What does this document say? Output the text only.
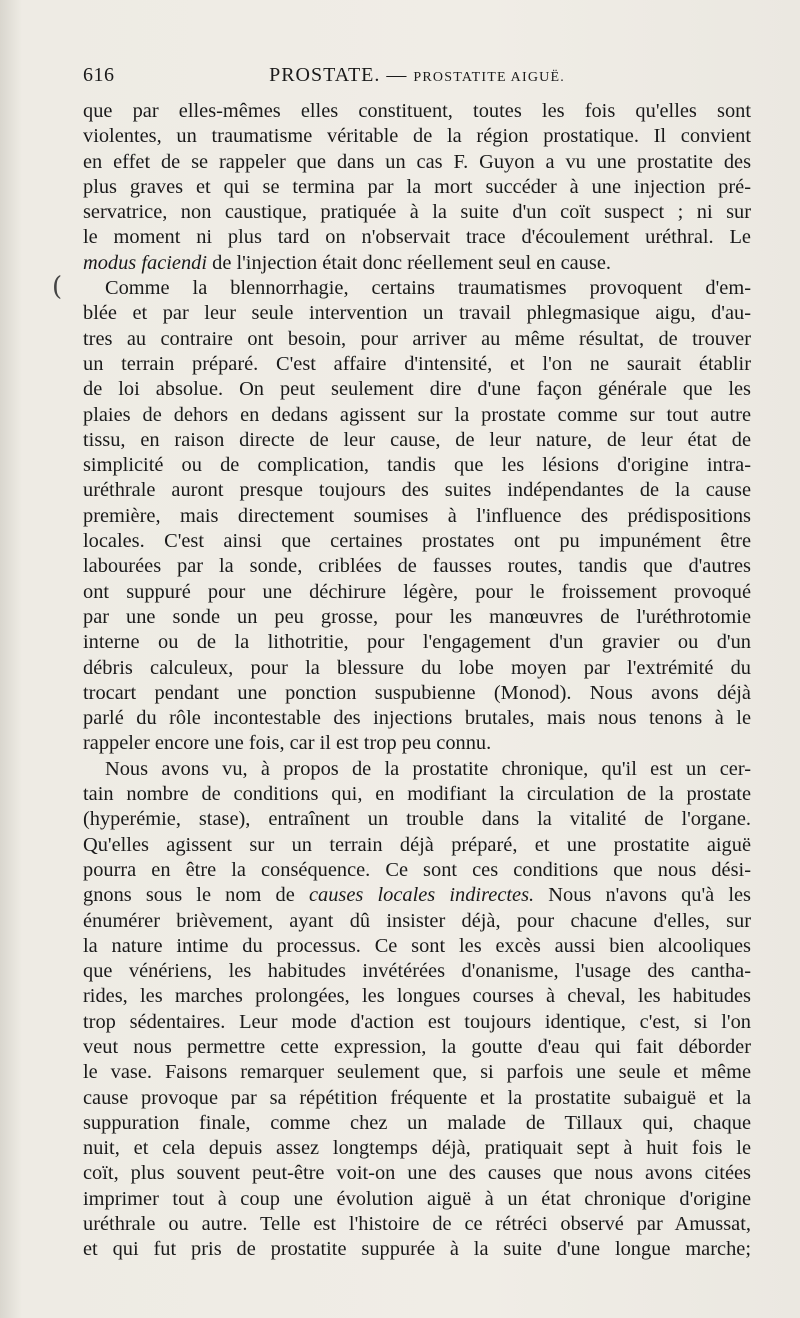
616	PROSTATE. — PROSTATITE AIGUË.
(
que par elles-mêmes elles constituent, toutes les fois qu'elles sont
violentes, un traumatisme véritable de la région prostatique. Il convient
en effet de se rappeler que dans un cas F. Guyon a vu une prostatite des
plus graves et qui se termina par la mort succéder à une injection pré-
servatrice, non caustique, pratiquée à la suite d'un coït suspect ; ni sur
le moment ni plus tard on n'observait trace d'écoulement uréthral. Le
modus faciendi de l'injection était donc réellement seul en cause.
Comme la blennorrhagie, certains traumatismes provoquent d'em-
blée et par leur seule intervention un travail phlegmasique aigu, d'au-
tres au contraire ont besoin, pour arriver au même résultat, de trouver
un terrain préparé. C'est affaire d'intensité, et l'on ne saurait établir
de loi absolue. On peut seulement dire d'une façon générale que les
plaies de dehors en dedans agissent sur la prostate comme sur tout autre
tissu, en raison directe de leur cause, de leur nature, de leur état de
simplicité ou de complication, tandis que les lésions d'origine intra-
uréthrale auront presque toujours des suites indépendantes de la cause
première, mais directement soumises à l'influence des prédispositions
locales. C'est ainsi que certaines prostates ont pu impunément être
labourées par la sonde, criblées de fausses routes, tandis que d'autres
ont suppuré pour une déchirure légère, pour le froissement provoqué
par une sonde un peu grosse, pour les manœuvres de l'uréthrotomie
interne ou de la lithotritie, pour l'engagement d'un gravier ou d'un
débris calculeux, pour la blessure du lobe moyen par l'extrémité du
trocart pendant une ponction suspubienne (Monod). Nous avons déjà
parlé du rôle incontestable des injections brutales, mais nous tenons à le
rappeler encore une fois, car il est trop peu connu.
Nous avons vu, à propos de la prostatite chronique, qu'il est un cer-
tain nombre de conditions qui, en modifiant la circulation de la prostate
(hyperémie, stase), entraînent un trouble dans la vitalité de l'organe.
Qu'elles agissent sur un terrain déjà préparé, et une prostatite aiguë
pourra en être la conséquence. Ce sont ces conditions que nous dési-
gnons sous le nom de causes locales indirectes. Nous n'avons qu'à les
énumérer brièvement, ayant dû insister déjà, pour chacune d'elles, sur
la nature intime du processus. Ce sont les excès aussi bien alcooliques
que vénériens, les habitudes invétérées d'onanisme, l'usage des cantha-
rides, les marches prolongées, les longues courses à cheval, les habitudes
trop sédentaires. Leur mode d'action est toujours identique, c'est, si l'on
veut nous permettre cette expression, la goutte d'eau qui fait déborder
le vase. Faisons remarquer seulement que, si parfois une seule et même
cause provoque par sa répétition fréquente et la prostatite subaiguë et la
suppuration finale, comme chez un malade de Tillaux qui, chaque
nuit, et cela depuis assez longtemps déjà, pratiquait sept à huit fois le
coït, plus souvent peut-être voit-on une des causes que nous avons citées
imprimer tout à coup une évolution aiguë à un état chronique d'origine
uréthrale ou autre. Telle est l'histoire de ce rétréci observé par Amussat,
et qui fut pris de prostatite suppurée à la suite d'une longue marche;
